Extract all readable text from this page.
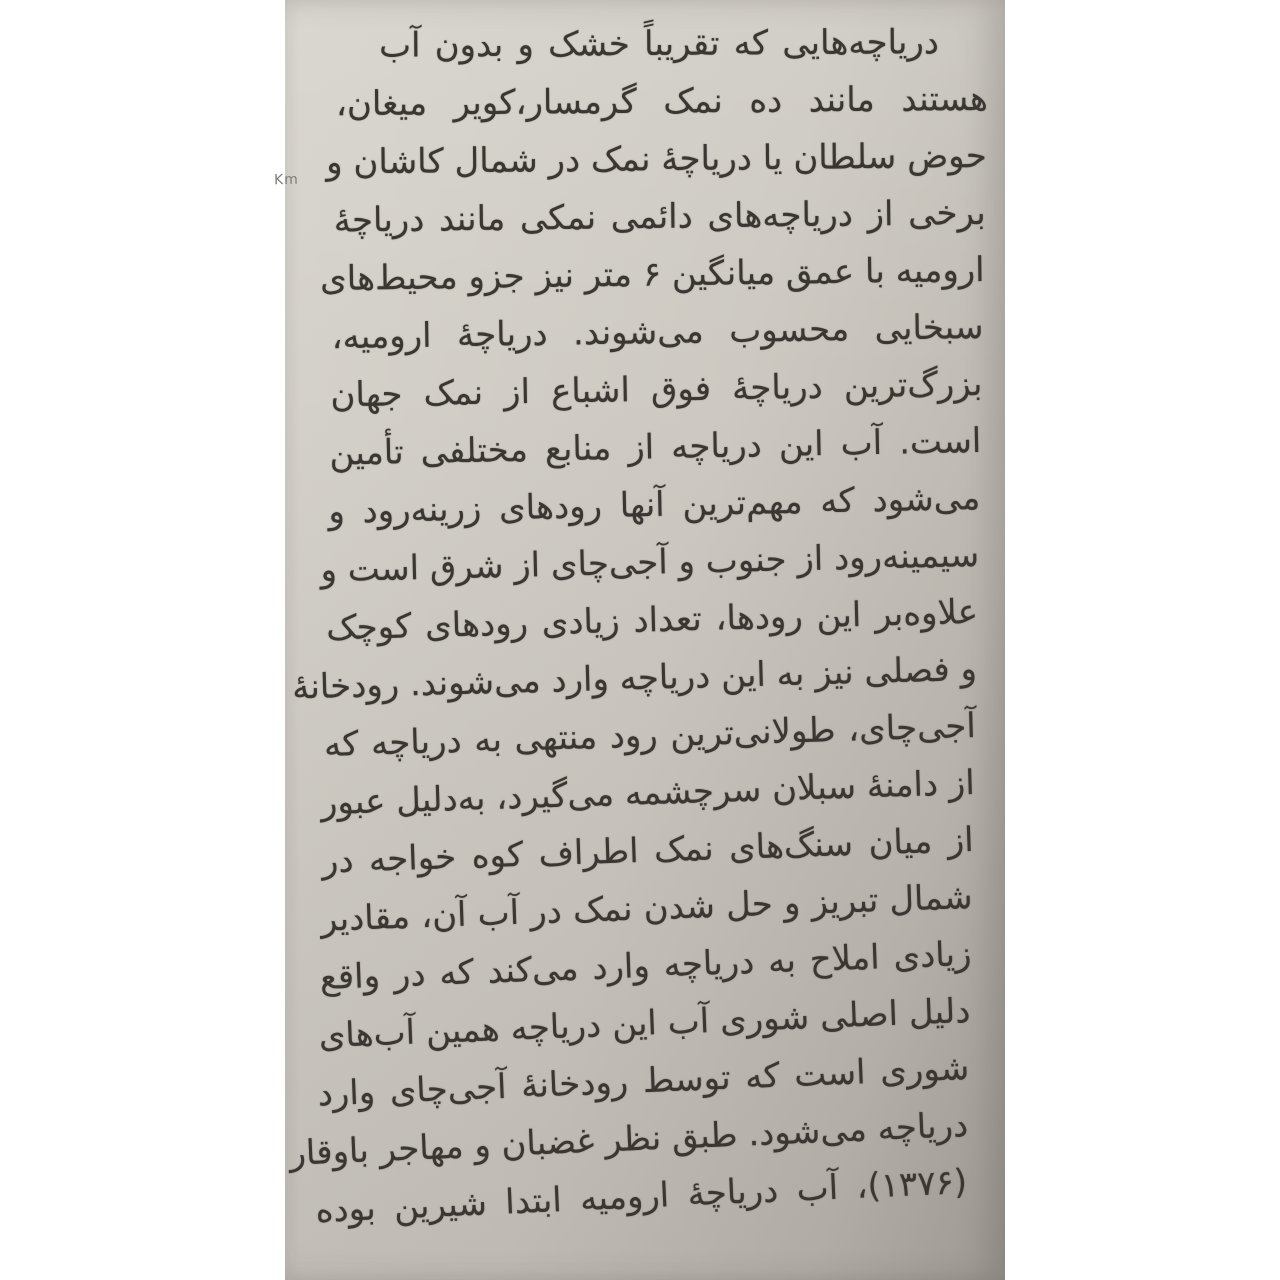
Km
دریاچه‌هایی که تقریباً خشک و بدون آب
هستند مانند ده نمک گرمسار،کویر میغان،
حوض سلطان یا دریاچهٔ نمک در شمال کاشان و
برخی از دریاچه‌های دائمی نمکی مانند دریاچهٔ
ارومیه با عمق میانگین ۶ متر نیز جزو محیط‌های
سبخایی محسوب می‌شوند. دریاچهٔ ارومیه،
بزرگ‌ترین دریاچهٔ فوق اشباع از نمک جهان
است. آب این دریاچه از منابع مختلفی تأمین
می‌شود که مهم‌ترین آنها رودهای زرینه‌رود و
سیمینه‌رود از جنوب و آجی‌چای از شرق است و
علاوه‌بر این رودها، تعداد زیادی رودهای کوچک
و فصلی نیز به این دریاچه وارد می‌شوند. رودخانهٔ
آجی‌چای، طولانی‌ترین رود منتهی به دریاچه که
از دامنهٔ سبلان سرچشمه می‌گیرد، به‌دلیل عبور
از میان سنگ‌های نمک اطراف کوه خواجه در
شمال تبریز و حل شدن نمک در آب آن، مقادیر
زیادی املاح به دریاچه وارد می‌کند که در واقع
دلیل اصلی شوری آب این دریاچه همین آب‌های
شوری است که توسط رودخانهٔ آجی‌چای وارد
دریاچه می‌شود. طبق نظر غضبان و مهاجر باوقار
(۱۳۷۶)، آب دریاچهٔ ارومیه ابتدا شیرین بوده
